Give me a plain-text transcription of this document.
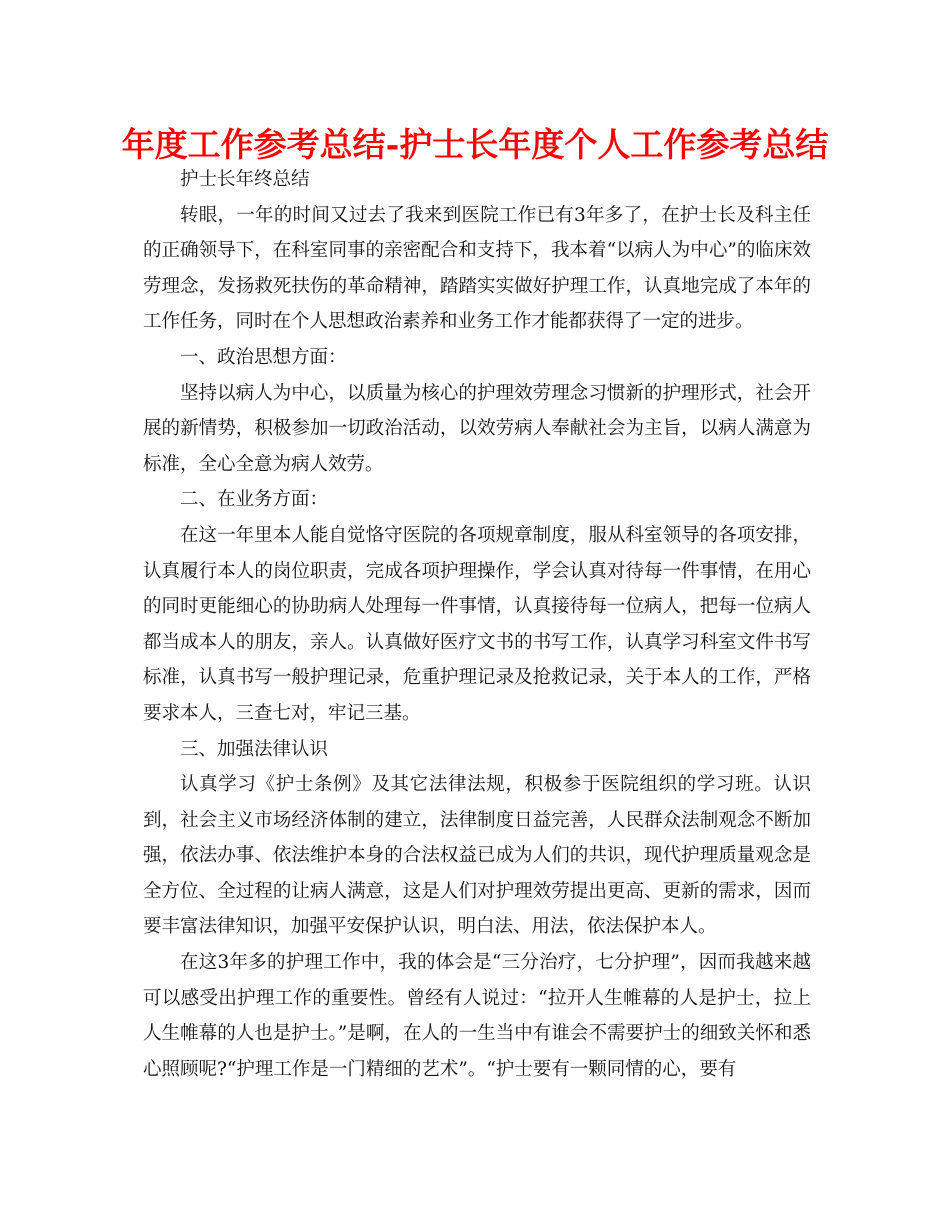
年度工作参考总结-护士长年度个人工作参考总结

护士长年终总结

转眼，一年的时间又过去了我来到医院工作已有3年多了，在护士长及科主任的正确领导下，在科室同事的亲密配合和支持下，我本着“以病人为中心”的临床效劳理念，发扬救死扶伤的革命精神，踏踏实实做好护理工作，认真地完成了本年的工作任务，同时在个人思想政治素养和业务工作才能都获得了一定的进步。

一、政治思想方面：

坚持以病人为中心，以质量为核心的护理效劳理念习惯新的护理形式，社会开展的新情势，积极参加一切政治活动，以效劳病人奉献社会为主旨，以病人满意为标准，全心全意为病人效劳。

二、在业务方面：

在这一年里本人能自觉恪守医院的各项规章制度，服从科室领导的各项安排，认真履行本人的岗位职责，完成各项护理操作，学会认真对待每一件事情，在用心的同时更能细心的协助病人处理每一件事情，认真接待每一位病人，把每一位病人都当成本人的朋友，亲人。认真做好医疗文书的书写工作，认真学习科室文件书写标准，认真书写一般护理记录，危重护理记录及抢救记录，关于本人的工作，严格要求本人，三查七对，牢记三基。

三、加强法律认识

认真学习《护士条例》及其它法律法规，积极参于医院组织的学习班。认识到，社会主义市场经济体制的建立，法律制度日益完善，人民群众法制观念不断加强，依法办事、依法维护本身的合法权益已成为人们的共识，现代护理质量观念是全方位、全过程的让病人满意，这是人们对护理效劳提出更高、更新的需求，因而要丰富法律知识，加强平安保护认识，明白法、用法，依法保护本人。

在这3年多的护理工作中，我的体会是“三分治疗，七分护理”，因而我越来越可以感受出护理工作的重要性。曾经有人说过：“拉开人生帷幕的人是护士，拉上人生帷幕的人也是护士。”是啊，在人的一生当中有谁会不需要护士的细致关怀和悉心照顾呢?“护理工作是一门精细的艺术”。“护士要有一颗同情的心，要有
